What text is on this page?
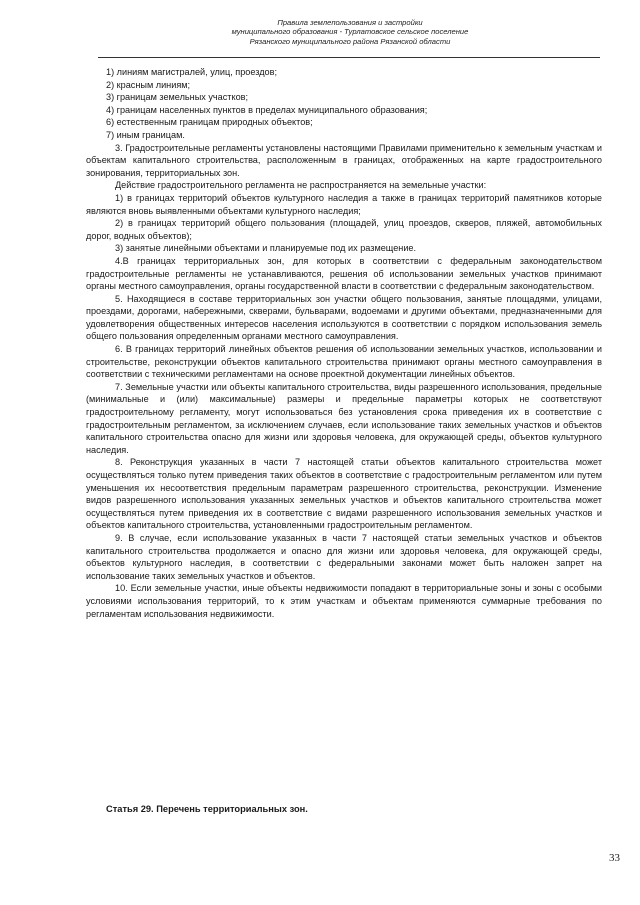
Правила землепользования и застройки
муниципального образования - Турлатовское сельское поселение
Рязанского муниципального района Рязанской области

1) линиям магистралей, улиц, проездов;

2) красным линиям;

3) границам земельных участков;

4) границам населенных пунктов в пределах муниципального образования;

6) естественным границам природных объектов;

7) иным границам.

3. Градостроительные регламенты установлены настоящими Правилами применительно к земельным участкам и объектам капитального строительства, расположенным в границах, отображенных на карте градостроительного зонирования, территориальных зон.

Действие градостроительного регламента не распространяется на земельные участки:

1) в границах территорий объектов культурного наследия а также в границах территорий памятников которые являются вновь выявленными объектами культурного наследия;

2) в границах территорий общего пользования (площадей, улиц проездов, скверов, пляжей, автомобильных дорог, водных объектов);

3) занятые линейными объектами и планируемые под их размещение.

4.В границах территориальных зон, для которых в соответствии с федеральным законодательством градостроительные регламенты не устанавливаются, решения об использовании земельных участков принимают органы местного самоуправления, органы государственной власти в соответствии с федеральным законодательством.

5. Находящиеся в составе территориальных зон участки общего пользования, занятые площадями, улицами, проездами, дорогами, набережными, скверами, бульварами, водоемами и другими объектами, предназначенными для удовлетворения общественных интересов населения используются в соответствии с порядком использования земель общего пользования определенным органами местного самоуправления.

6. В границах территорий линейных объектов решения об использовании земельных участков, использовании и строительстве, реконструкции объектов капитального строительства принимают органы местного самоуправления в соответствии с техническими регламентами на основе проектной документации линейных объектов.

7. Земельные участки или объекты капитального строительства, виды разрешенного использования, предельные (минимальные и (или) максимальные) размеры и предельные параметры которых не соответствуют градостроительному регламенту, могут использоваться без установления срока приведения их в соответствие с градостроительным регламентом, за исключением случаев, если использование таких земельных участков и объектов капитального строительства опасно для жизни или здоровья человека, для окружающей среды, объектов культурного наследия.

8. Реконструкция указанных в части 7 настоящей статьи объектов капитального строительства может осуществляться только путем приведения таких объектов в соответствие с градостроительным регламентом или путем уменьшения их несоответствия предельным параметрам разрешенного строительства, реконструкции. Изменение видов разрешенного использования указанных земельных участков и объектов капитального строительства может осуществляться путем приведения их в соответствие с видами разрешенного использования земельных участков и объектов капитального строительства, установленными градостроительным регламентом.

9. В случае, если использование указанных в части 7 настоящей статьи земельных участков и объектов капитального строительства продолжается и опасно для жизни или здоровья человека, для окружающей среды, объектов культурного наследия, в соответствии с федеральными законами может быть наложен запрет на использование таких земельных участков и объектов.

10. Если земельные участки, иные объекты недвижимости попадают в территориальные зоны и зоны с особыми условиями использования территорий, то к этим участкам и объектам применяются суммарные требования по регламентам использования недвижимости.

Статья 29. Перечень территориальных зон.
33
